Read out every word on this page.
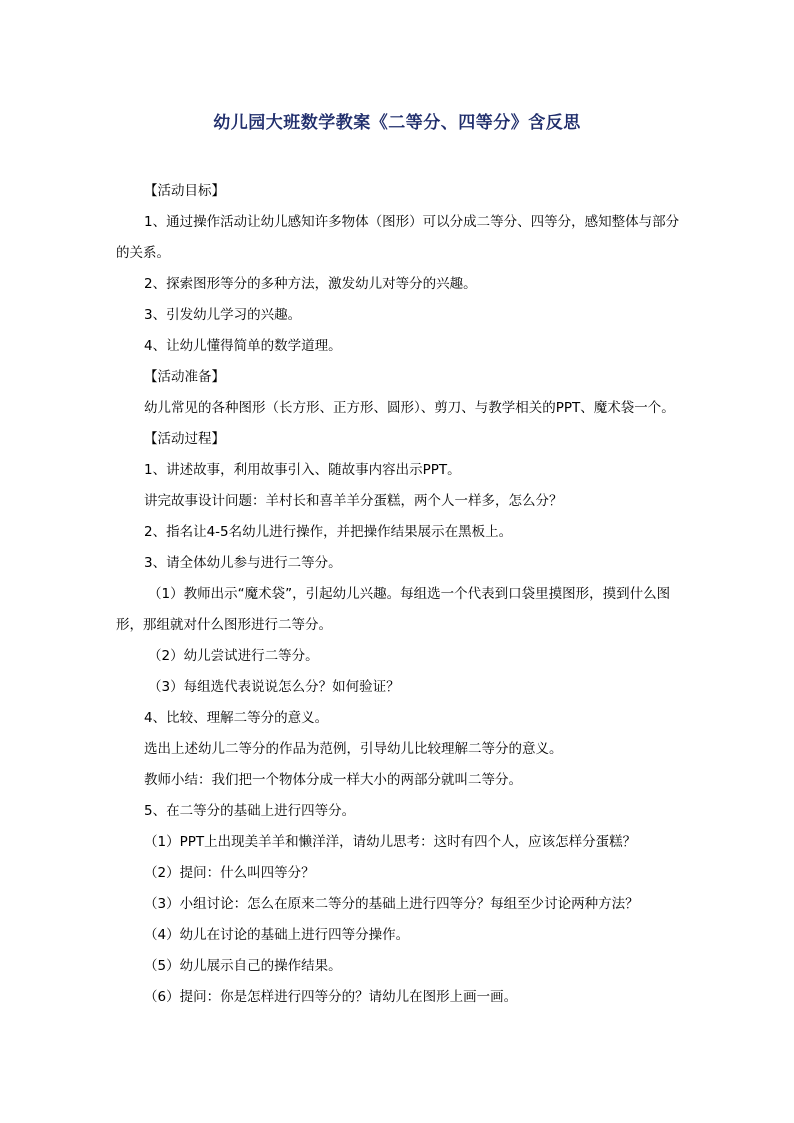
幼儿园大班数学教案《二等分、四等分》含反思

【活动目标】

1、通过操作活动让幼儿感知许多物体（图形）可以分成二等分、四等分，感知整体与部分的关系。

2、探索图形等分的多种方法，激发幼儿对等分的兴趣。

3、引发幼儿学习的兴趣。

4、让幼儿懂得简单的数学道理。

【活动准备】

幼儿常见的各种图形（长方形、正方形、圆形）、剪刀、与教学相关的PPT、魔术袋一个。

【活动过程】

1、讲述故事，利用故事引入、随故事内容出示PPT。

讲完故事设计问题：羊村长和喜羊羊分蛋糕，两个人一样多，怎么分？

2、指名让4-5名幼儿进行操作，并把操作结果展示在黑板上。

3、请全体幼儿参与进行二等分。

（1）教师出示“魔术袋”，引起幼儿兴趣。每组选一个代表到口袋里摸图形，摸到什么图形，那组就对什么图形进行二等分。

（2）幼儿尝试进行二等分。

（3）每组选代表说说怎么分？如何验证？

4、比较、理解二等分的意义。

选出上述幼儿二等分的作品为范例，引导幼儿比较理解二等分的意义。

教师小结：我们把一个物体分成一样大小的两部分就叫二等分。

5、在二等分的基础上进行四等分。

（1）PPT上出现美羊羊和懒洋洋，请幼儿思考：这时有四个人，应该怎样分蛋糕？

（2）提问：什么叫四等分？

（3）小组讨论：怎么在原来二等分的基础上进行四等分？每组至少讨论两种方法？

（4）幼儿在讨论的基础上进行四等分操作。

（5）幼儿展示自己的操作结果。

（6）提问：你是怎样进行四等分的？请幼儿在图形上画一画。
